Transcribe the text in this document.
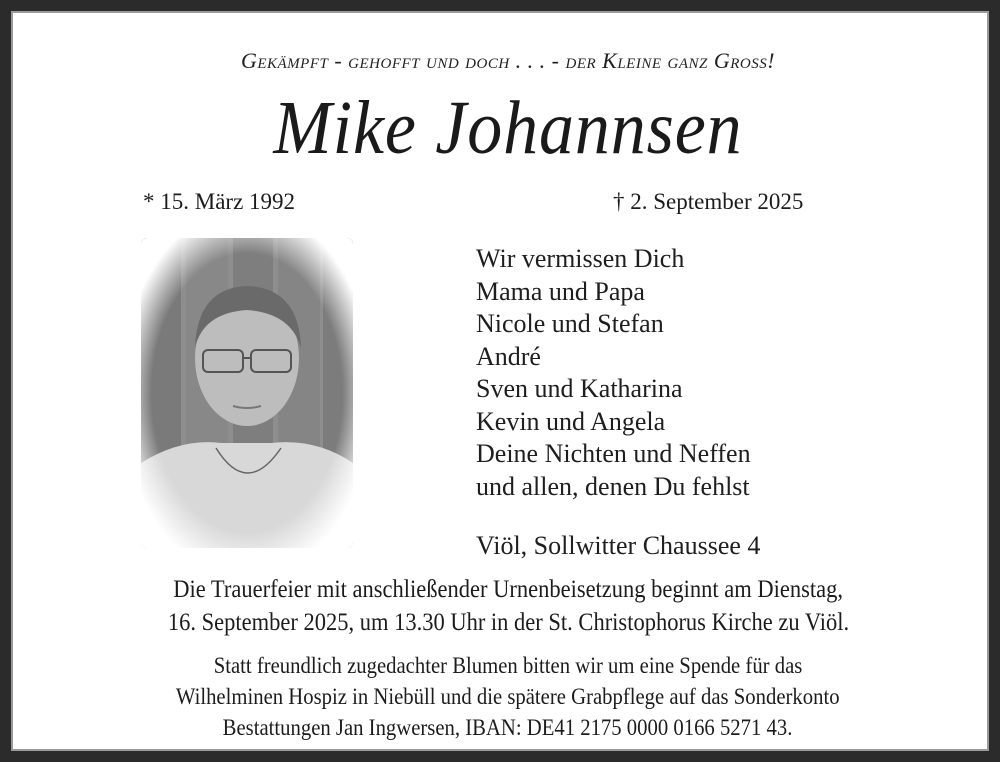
Gekämpft - gehofft und doch . . . - der Kleine ganz Gross!
Mike Johannsen
* 15. März 1992	† 2. September 2025
Wir vermissen Dich
Mama und Papa
Nicole und Stefan
André
Sven und Katharina
Kevin und Angela
Deine Nichten und Neffen
und allen, denen Du fehlst
Viöl, Sollwitter Chaussee 4
Die Trauerfeier mit anschließender Urnenbeisetzung beginnt am Dienstag,
16. September 2025, um 13.30 Uhr in der St. Christophorus Kirche zu Viöl.
Statt freundlich zugedachter Blumen bitten wir um eine Spende für das
Wilhelminen Hospiz in Niebüll und die spätere Grabpflege auf das Sonderkonto
Bestattungen Jan Ingwersen, IBAN: DE41 2175 0000 0166 5271 43.
